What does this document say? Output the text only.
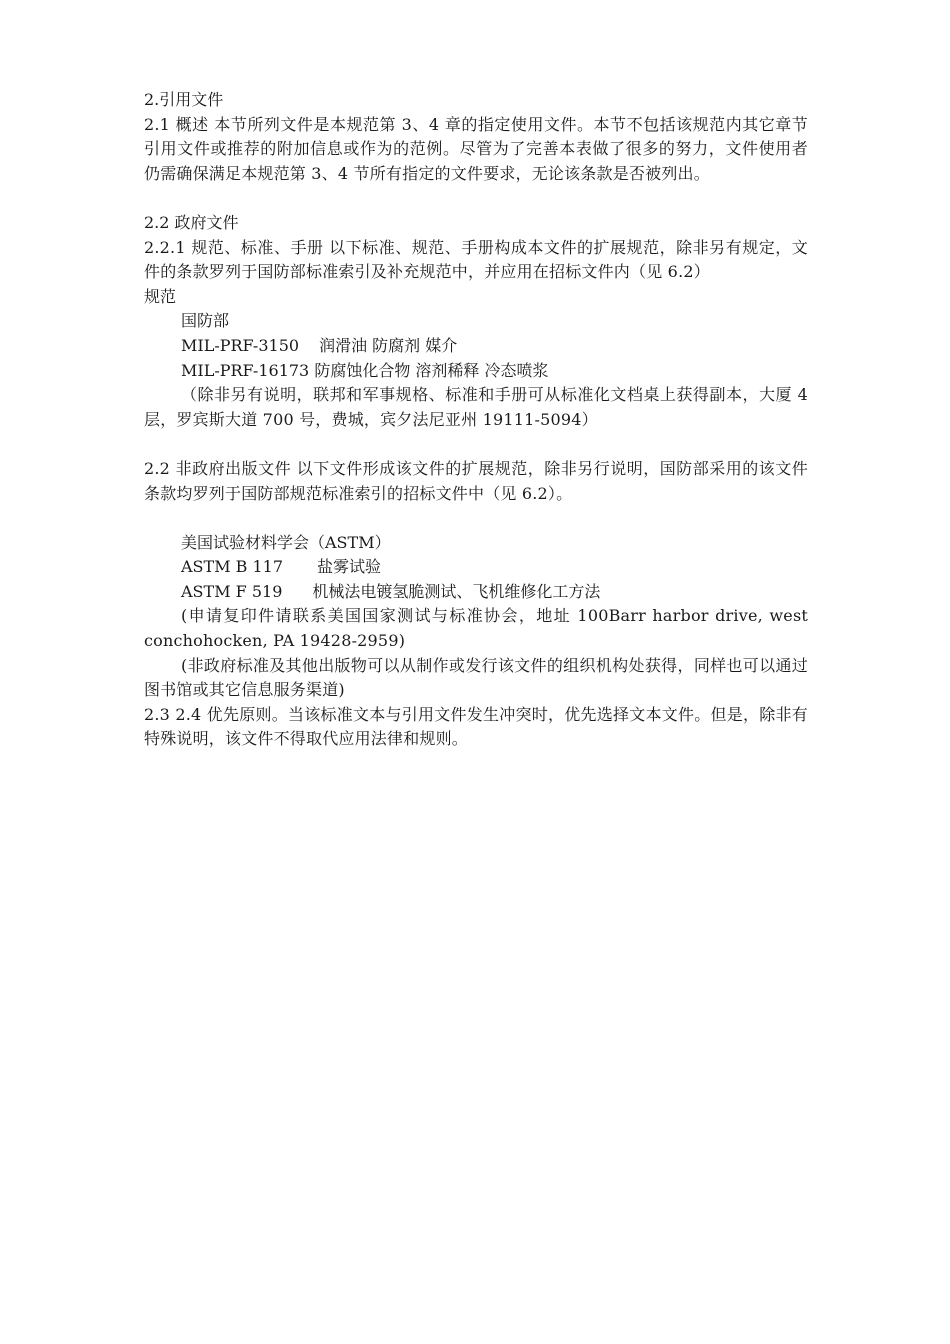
2.引用文件
2.1 概述 本节所列文件是本规范第 3、4 章的指定使用文件。本节不包括该规范内其它章节引用文件或推荐的附加信息或作为的范例。尽管为了完善本表做了很多的努力，文件使用者仍需确保满足本规范第 3、4 节所有指定的文件要求，无论该条款是否被列出。
2.2 政府文件
2.2.1 规范、标准、手册 以下标准、规范、手册构成本文件的扩展规范，除非另有规定，文件的条款罗列于国防部标准索引及补充规范中，并应用在招标文件内（见 6.2）
规范
国防部
MIL-PRF-3150 润滑油 防腐剂 媒介
MIL-PRF-16173 防腐蚀化合物 溶剂稀释 冷态喷浆
（除非另有说明，联邦和军事规格、标准和手册可从标准化文档桌上获得副本，大厦 4 层，罗宾斯大道 700 号，费城，宾夕法尼亚州 19111-5094）
2.2 非政府出版文件 以下文件形成该文件的扩展规范，除非另行说明，国防部采用的该文件条款均罗列于国防部规范标准索引的招标文件中（见 6.2）。
美国试验材料学会（ASTM）
ASTM B 117 盐雾试验
ASTM F 519 机械法电镀氢脆测试、飞机维修化工方法
(申请复印件请联系美国国家测试与标准协会，地址 100Barr harbor drive, west conchohocken, PA 19428-2959)
(非政府标准及其他出版物可以从制作或发行该文件的组织机构处获得，同样也可以通过图书馆或其它信息服务渠道)
2.3 2.4 优先原则。当该标准文本与引用文件发生冲突时，优先选择文本文件。但是，除非有特殊说明，该文件不得取代应用法律和规则。
